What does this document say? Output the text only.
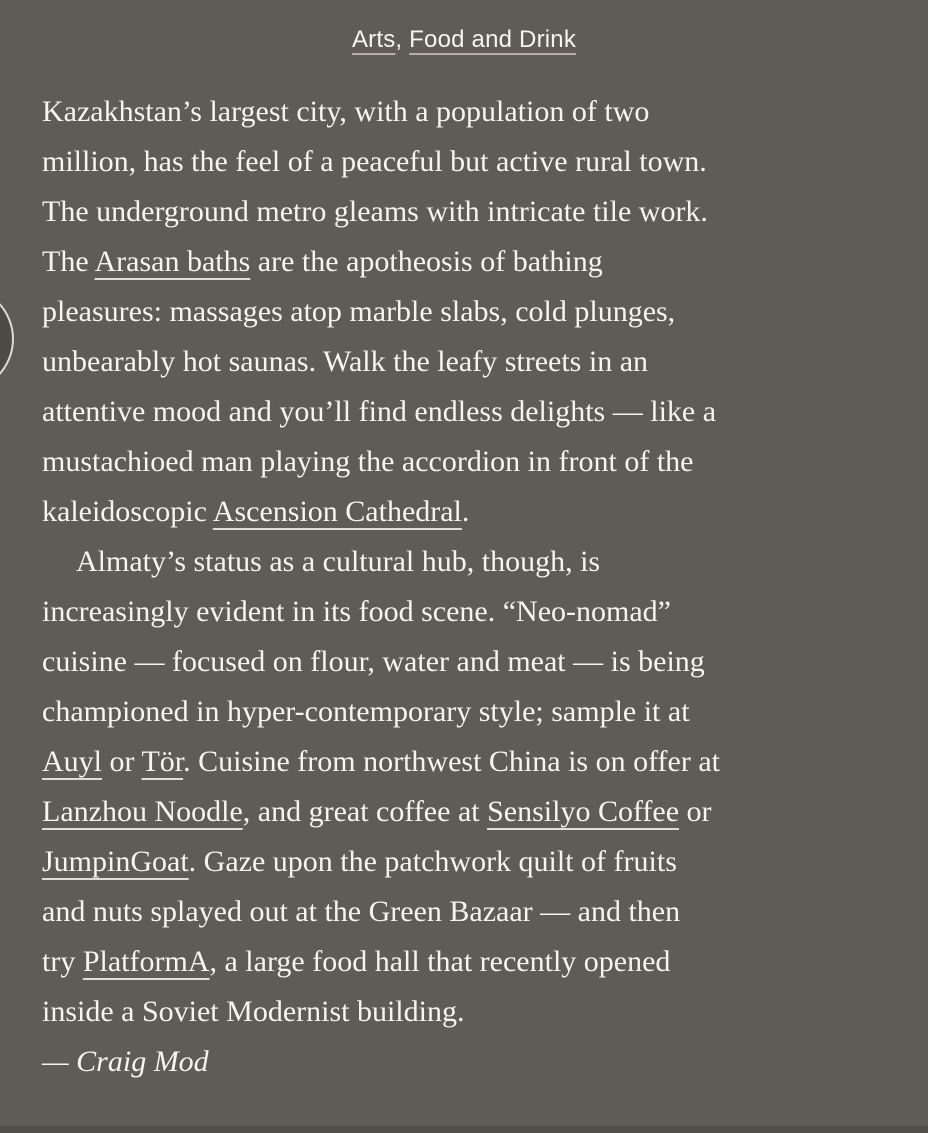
Arts, Food and Drink
Kazakhstan’s largest city, with a population of two
million, has the feel of a peaceful but active rural town.
The underground metro gleams with intricate tile work.
The Arasan baths are the apotheosis of bathing
pleasures: massages atop marble slabs, cold plunges,
unbearably hot saunas. Walk the leafy streets in an
attentive mood and you’ll find endless delights — like a
mustachioed man playing the accordion in front of the
kaleidoscopic Ascension Cathedral.
Almaty’s status as a cultural hub, though, is
increasingly evident in its food scene. “Neo-nomad”
cuisine — focused on flour, water and meat — is being
championed in hyper-contemporary style; sample it at
Auyl or Tör. Cuisine from northwest China is on offer at
Lanzhou Noodle, and great coffee at Sensilyo Coffee or
JumpinGoat. Gaze upon the patchwork quilt of fruits
and nuts splayed out at the Green Bazaar — and then
try PlatformA, a large food hall that recently opened
inside a Soviet Modernist building.
— Craig Mod
